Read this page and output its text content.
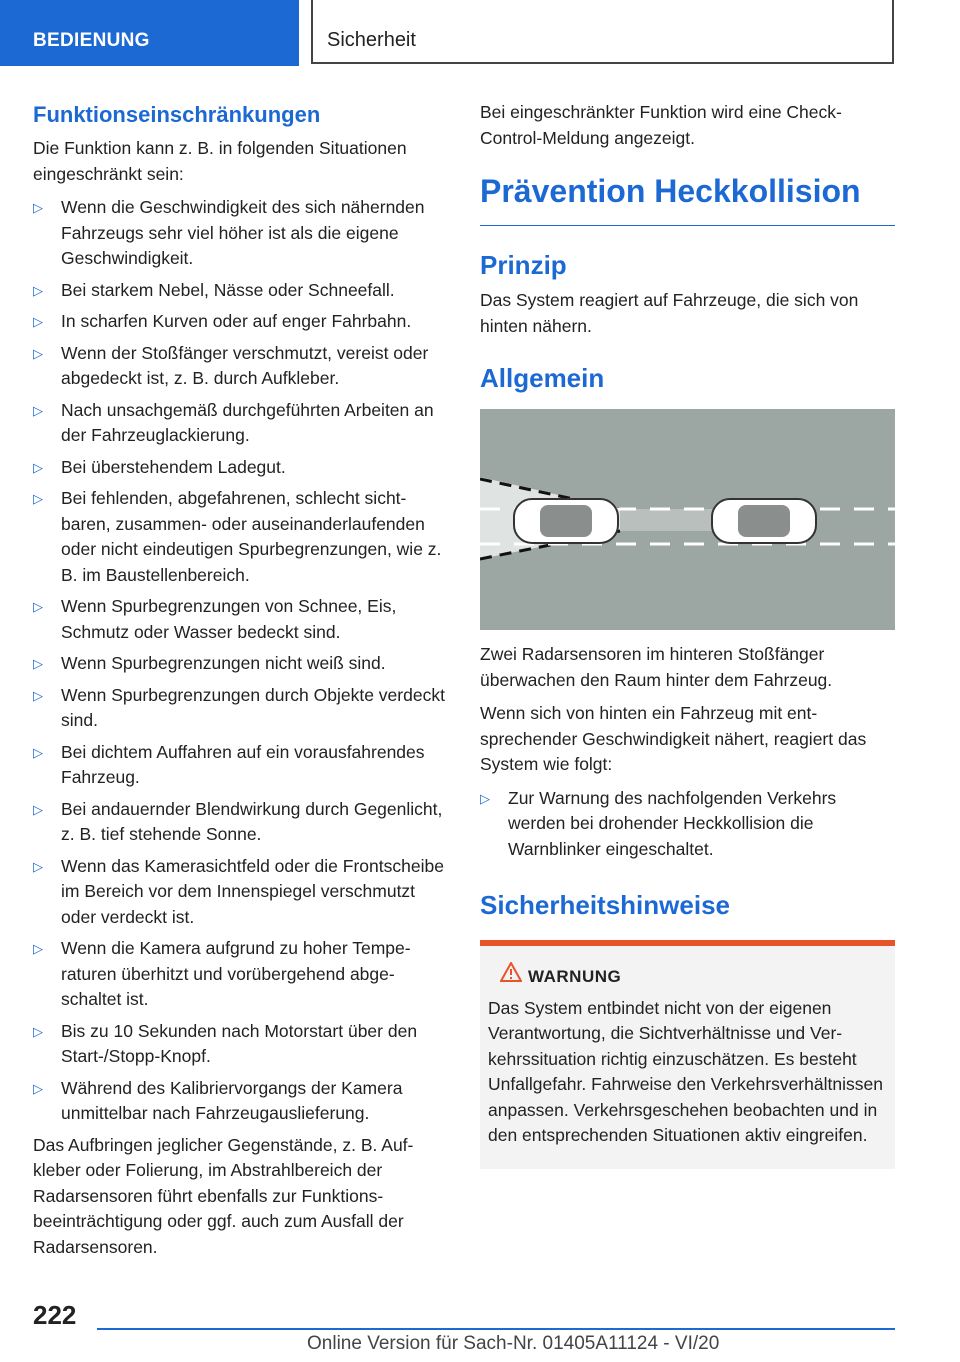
BEDIENUNG	Sicherheit
Funktionseinschränkungen

Die Funktion kann z. B. in folgenden Situationen eingeschränkt sein:

▷ Wenn die Geschwindigkeit des sich nähernden Fahrzeugs sehr viel höher ist als die eigene Geschwindigkeit.
▷ Bei starkem Nebel, Nässe oder Schneefall.
▷ In scharfen Kurven oder auf enger Fahrbahn.
▷ Wenn der Stoßfänger verschmutzt, vereist oder abgedeckt ist, z. B. durch Aufkleber.
▷ Nach unsachgemäß durchgeführten Arbeiten an der Fahrzeuglackierung.
▷ Bei überstehendem Ladegut.
▷ Bei fehlenden, abgefahrenen, schlecht sichtbaren, zusammen- oder auseinanderlaufenden oder nicht eindeutigen Spurbegrenzungen, wie z. B. im Baustellenbereich.
▷ Wenn Spurbegrenzungen von Schnee, Eis, Schmutz oder Wasser bedeckt sind.
▷ Wenn Spurbegrenzungen nicht weiß sind.
▷ Wenn Spurbegrenzungen durch Objekte verdeckt sind.
▷ Bei dichtem Auffahren auf ein vorausfahrendes Fahrzeug.
▷ Bei andauernder Blendwirkung durch Gegenlicht, z. B. tief stehende Sonne.
▷ Wenn das Kamerasichtfeld oder die Frontscheibe im Bereich vor dem Innenspiegel verschmutzt oder verdeckt ist.
▷ Wenn die Kamera aufgrund zu hoher Temperaturen überhitzt und vorübergehend abgeschaltet ist.
▷ Bis zu 10 Sekunden nach Motorstart über den Start-/Stopp-Knopf.
▷ Während des Kalibriervorgangs der Kamera unmittelbar nach Fahrzeugauslieferung.

Das Aufbringen jeglicher Gegenstände, z. B. Aufkleber oder Folierung, im Abstrahlbereich der Radarsensoren führt ebenfalls zur Funktionsbeeinträchtigung oder ggf. auch zum Ausfall der Radarsensoren.

Bei eingeschränkter Funktion wird eine Check-Control-Meldung angezeigt.

Prävention Heckkollision
Prinzip

Das System reagiert auf Fahrzeuge, die sich von hinten nähern.

Allgemein

Zwei Radarsensoren im hinteren Stoßfänger überwachen den Raum hinter dem Fahrzeug.

Wenn sich von hinten ein Fahrzeug mit entsprechender Geschwindigkeit nähert, reagiert das System wie folgt:

▷ Zur Warnung des nachfolgenden Verkehrs werden bei drohender Heckkollision die Warnblinker eingeschaltet.
Sicherheitshinweise
WARNUNG
Das System entbindet nicht von der eigenen Verantwortung, die Sichtverhältnisse und Verkehrssituation richtig einzuschätzen. Es besteht Unfallgefahr. Fahrweise den Verkehrsverhältnissen anpassen. Verkehrsgeschehen beobachten und in den entsprechenden Situationen aktiv eingreifen.
222
Online Version für Sach-Nr. 01405A11124 - VI/20
